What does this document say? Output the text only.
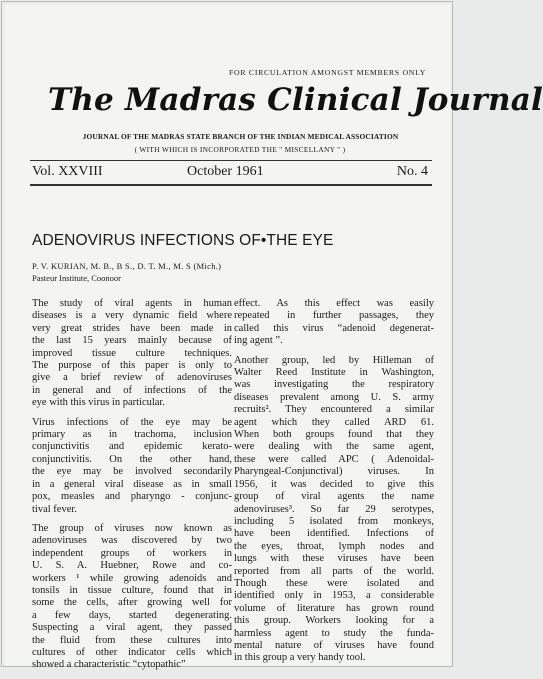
FOR CIRCULATION AMONGST MEMBERS ONLY
The Madras Clinical Journal
JOURNAL OF THE MADRAS STATE BRANCH OF THE INDIAN MEDICAL ASSOCIATION
( WITH WHICH IS INCORPORATED THE " MISCELLANY " )
Vol. XXVIII	October 1961	No. 4
ADENOVIRUS INFECTIONS OF•THE EYE
P. V. KURIAN, M. B., B S., D. T. M., M. S (Mich.)
Pasteur Institute, Coonoor
The study of viral agents in human
diseases is a very dynamic field where
very great strides have been made in
the last 15 years mainly because of
improved tissue culture techniques.
The purpose of this paper is only to
give a brief review of adenoviruses
in general and of infections of the
eye with this virus in particular.
Virus infections of the eye may be
primary as in trachoma, inclusion
conjunctivitis and epidemic kerato-
conjunctivitis. On the other hand,
the eye may be involved secondarily
in a general viral disease as in small
pox, measles and pharyngo - conjunc-
tival fever.
The group of viruses now known as
adenoviruses was discovered by two
independent groups of workers in
U. S. A. Huebner, Rowe and co-
workers ¹ while growing adenoids and
tonsils in tissue culture, found that in
some the cells, after growing well for
a few days, started degenerating.
Suspecting a viral agent, they passed
the fluid from these cultures into
cultures of other indicator cells which
showed a characteristic “cytopathic”
effect. As this effect was easily
repeated in further passages, they
called this virus “adenoid degenerat-
ing agent ”.
Another group, led by Hilleman of
Walter Reed Institute in Washington,
was investigating the respiratory
diseases prevalent among U. S. army
recruits². They encountered a similar
agent which they called ARD 61.
When both groups found that they
were dealing with the same agent,
these were called APC ( Adenoidal-
Pharyngeal-Conjunctival) viruses. In
1956, it was decided to give this
group of viral agents the name
adenoviruses³. So far 29 serotypes,
including 5 isolated from monkeys,
have been identified. Infections of
the eyes, throat, lymph nodes and
lungs with these viruses have been
reported from all parts of the world.
Though these were isolated and
identified only in 1953, a considerable
volume of literature has grown round
this group. Workers looking for a
harmless agent to study the funda-
mental nature of viruses have found
in this group a very handy tool.
